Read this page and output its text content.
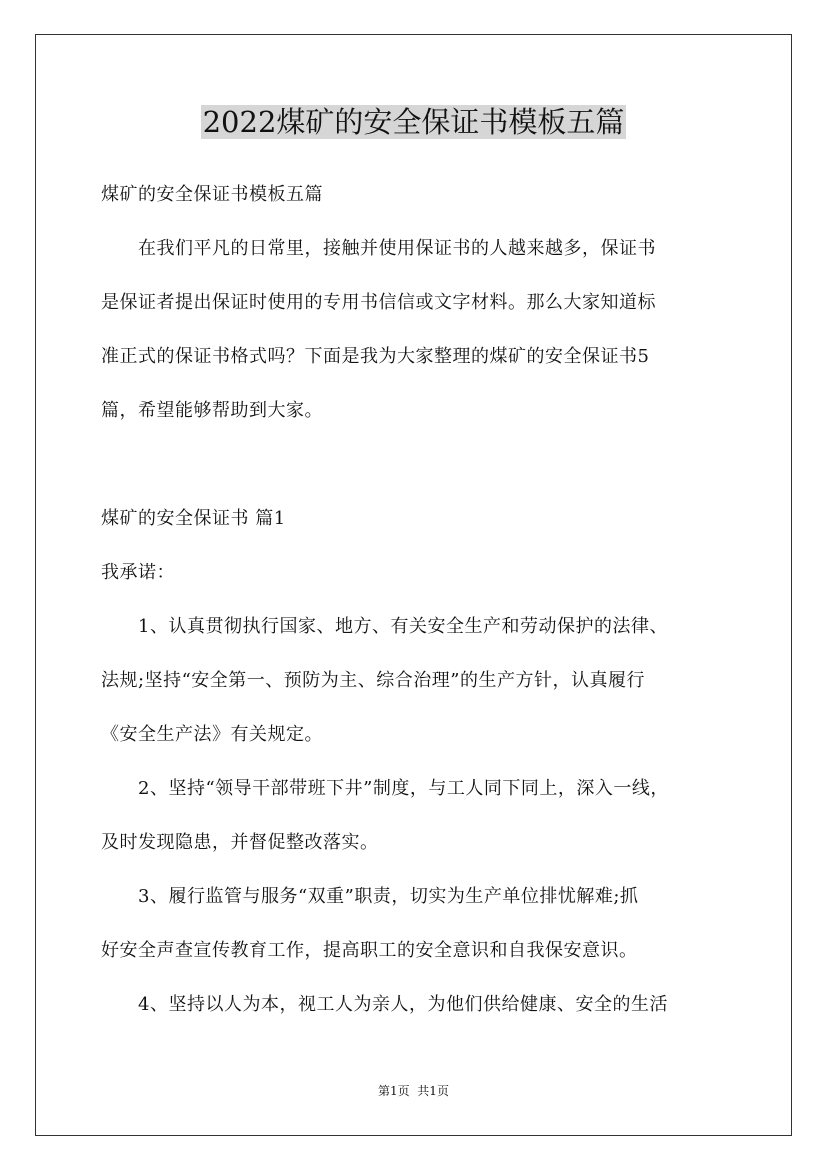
2022煤矿的安全保证书模板五篇
煤矿的安全保证书模板五篇
　　在我们平凡的日常里，接触并使用保证书的人越来越多，保证书
是保证者提出保证时使用的专用书信信或文字材料。那么大家知道标
准正式的保证书格式吗？下面是我为大家整理的煤矿的安全保证书5
篇，希望能够帮助到大家。
煤矿的安全保证书 篇1
我承诺：
　　1、认真贯彻执行国家、地方、有关安全生产和劳动保护的法律、
法规;坚持“安全第一、预防为主、综合治理”的生产方针，认真履行
《安全生产法》有关规定。
　　2、坚持“领导干部带班下井”制度，与工人同下同上，深入一线，
及时发现隐患，并督促整改落实。
　　3、履行监管与服务“双重”职责，切实为生产单位排忧解难;抓
好安全声查宣传教育工作，提高职工的安全意识和自我保安意识。
　　4、坚持以人为本，视工人为亲人，为他们供给健康、安全的生活
第1页  共1页
